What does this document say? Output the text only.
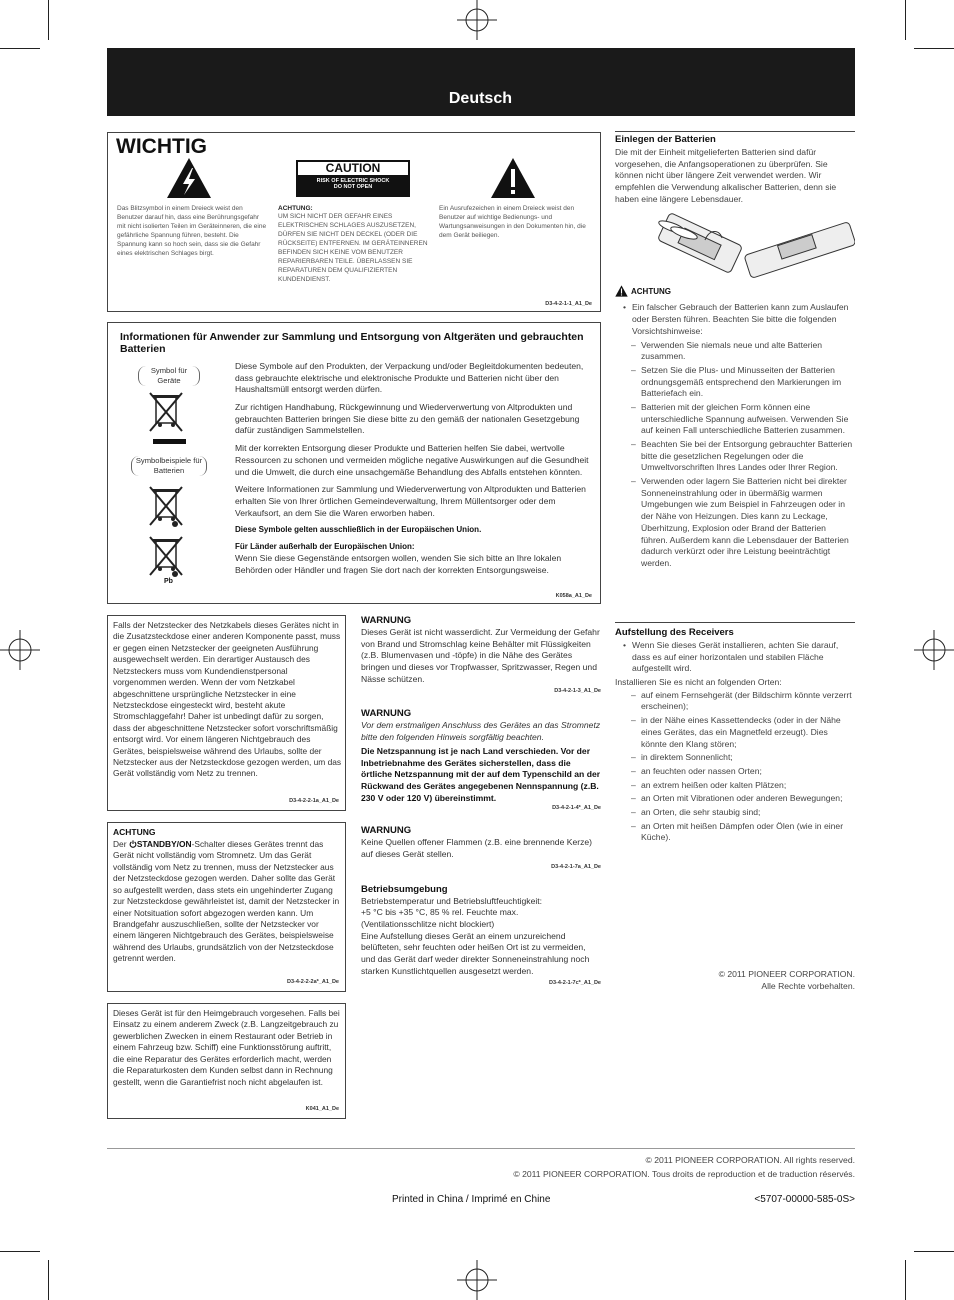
Deutsch
WICHTIG
CAUTION
RISK OF ELECTRIC SHOCK
DO NOT OPEN
Das Blitzsymbol in einem Dreieck weist den Benutzer darauf hin, dass eine Berührungsgefahr mit nicht isolierten Teilen im Geräteinneren, die eine gefährliche Spannung führen, besteht. Die Spannung kann so hoch sein, dass sie die Gefahr eines elektrischen Schlages birgt.
ACHTUNG:
UM SICH NICHT DER GEFAHR EINES ELEKTRISCHEN SCHLAGES AUSZUSETZEN, DÜRFEN SIE NICHT DEN DECKEL (ODER DIE RÜCKSEITE) ENTFERNEN. IM GERÄTEINNEREN BEFINDEN SICH KEINE VOM BENUTZER REPARIERBAREN TEILE. ÜBERLASSEN SIE REPARATUREN DEM QUALIFIZIERTEN KUNDENDIENST.
Ein Ausrufezeichen in einem Dreieck weist den Benutzer auf wichtige Bedienungs- und Wartungsanweisungen in den Dokumenten hin, die dem Gerät beiliegen.
D3-4-2-1-1_A1_De
Informationen für Anwender zur Sammlung und Entsorgung von Altgeräten und gebrauchten Batterien
Symbol für Geräte
Symbolbeispiele für Batterien
Pb

Diese Symbole auf den Produkten, der Verpackung und/oder Begleitdokumenten bedeuten, dass gebrauchte elektrische und elektronische Produkte und Batterien nicht über den Haushaltsmüll entsorgt werden dürfen.

Zur richtigen Handhabung, Rückgewinnung und Wiederverwertung von Altprodukten und gebrauchten Batterien bringen Sie diese bitte zu den gemäß der nationalen Gesetzgebung dafür zuständigen Sammelstellen.

Mit der korrekten Entsorgung dieser Produkte und Batterien helfen Sie dabei, wertvolle Ressourcen zu schonen und vermeiden mögliche negative Auswirkungen auf die Gesundheit und die Umwelt, die durch eine unsachgemäße Behandlung des Abfalls entstehen könnten.

Weitere Informationen zur Sammlung und Wiederverwertung von Altprodukten und Batterien erhalten Sie von Ihrer örtlichen Gemeindeverwaltung, Ihrem Müllentsorger oder dem Verkaufsort, an dem Sie die Waren erworben haben.

Diese Symbole gelten ausschließlich in der Europäischen Union.

Für Länder außerhalb der Europäischen Union:
Wenn Sie diese Gegenstände entsorgen wollen, wenden Sie sich bitte an Ihre lokalen Behörden oder Händler und fragen Sie dort nach der korrekten Entsorgungsweise.
K058a_A1_De
Falls der Netzstecker des Netzkabels dieses Gerätes nicht in die Zusatzsteckdose einer anderen Komponente passt, muss er gegen einen Netzstecker der geeigneten Ausführung ausgewechselt werden. Ein derartiger Austausch des Netzsteckers muss vom Kundendienstpersonal vorgenommen werden. Wenn der vom Netzkabel abgeschnittene ursprüngliche Netzstecker in eine Netzsteckdose eingesteckt wird, besteht akute Stromschlaggefahr! Daher ist unbedingt dafür zu sorgen, dass der abgeschnittene Netzstecker sofort vorschriftsmäßig entsorgt wird. Vor einem längeren Nichtgebrauch des Gerätes, beispielsweise während des Urlaubs, sollte der Netzstecker aus der Netzsteckdose gezogen werden, um das Gerät vollständig vom Netz zu trennen.
D3-4-2-2-1a_A1_De
ACHTUNG
Der STANDBY/ON-Schalter dieses Gerätes trennt das Gerät nicht vollständig vom Stromnetz. Um das Gerät vollständig vom Netz zu trennen, muss der Netzstecker aus der Netzsteckdose gezogen werden. Daher sollte das Gerät so aufgestellt werden, dass stets ein ungehinderter Zugang zur Netzsteckdose gewährleistet ist, damit der Netzstecker in einer Notsituation sofort abgezogen werden kann. Um Brandgefahr auszuschließen, sollte der Netzstecker vor einem längeren Nichtgebrauch des Gerätes, beispielsweise während des Urlaubs, grundsätzlich von der Netzsteckdose getrennt werden.
D3-4-2-2-2a*_A1_De
Dieses Gerät ist für den Heimgebrauch vorgesehen. Falls bei Einsatz zu einem anderem Zweck (z.B. Langzeitgebrauch zu gewerblichen Zwecken in einem Restaurant oder Betrieb in einem Fahrzeug bzw. Schiff) eine Funktionsstörung auftritt, die eine Reparatur des Gerätes erforderlich macht, werden die Reparaturkosten dem Kunden selbst dann in Rechnung gestellt, wenn die Garantiefrist noch nicht abgelaufen ist.
K041_A1_De
WARNUNG
Dieses Gerät ist nicht wasserdicht. Zur Vermeidung der Gefahr von Brand und Stromschlag keine Behälter mit Flüssigkeiten (z.B. Blumenvasen und -töpfe) in die Nähe des Gerätes bringen und dieses vor Tropfwasser, Spritzwasser, Regen und Nässe schützen.
D3-4-2-1-3_A1_De
WARNUNG
Vor dem erstmaligen Anschluss des Gerätes an das Stromnetz bitte den folgenden Hinweis sorgfältig beachten.
Die Netzspannung ist je nach Land verschieden. Vor der Inbetriebnahme des Gerätes sicherstellen, dass die örtliche Netzspannung mit der auf dem Typenschild an der Rückwand des Gerätes angegebenen Nennspannung (z.B. 230 V oder 120 V) übereinstimmt.
D3-4-2-1-4*_A1_De
WARNUNG
Keine Quellen offener Flammen (z.B. eine brennende Kerze) auf dieses Gerät stellen.
D3-4-2-1-7a_A1_De
Betriebsumgebung
Betriebstemperatur und Betriebsluftfeuchtigkeit:
+5 °C bis +35 °C, 85 % rel. Feuchte max.
(Ventilationsschlitze nicht blockiert)
Eine Aufstellung dieses Gerät an einem unzureichend belüfteten, sehr feuchten oder heißen Ort ist zu vermeiden, und das Gerät darf weder direkter Sonneneinstrahlung noch starken Kunstlichtquellen ausgesetzt werden.
D3-4-2-1-7c*_A1_De
Einlegen der Batterien
Die mit der Einheit mitgelieferten Batterien sind dafür vorgesehen, die Anfangsoperationen zu überprüfen. Sie können nicht über längere Zeit verwendet werden. Wir empfehlen die Verwendung alkalischer Batterien, denn sie haben eine längere Lebensdauer.
ACHTUNG
• Ein falscher Gebrauch der Batterien kann zum Auslaufen oder Bersten führen. Beachten Sie bitte die folgenden Vorsichtshinweise:
– Verwenden Sie niemals neue und alte Batterien zusammen.
– Setzen Sie die Plus- und Minusseiten der Batterien ordnungsgemäß entsprechend den Markierungen im Batteriefach ein.
– Batterien mit der gleichen Form können eine unterschiedliche Spannung aufweisen. Verwenden Sie auf keinen Fall unterschiedliche Batterien zusammen.
– Beachten Sie bei der Entsorgung gebrauchter Batterien bitte die gesetzlichen Regelungen oder die Umweltvorschriften Ihres Landes oder Ihrer Region.
– Verwenden oder lagern Sie Batterien nicht bei direkter Sonneneinstrahlung oder in übermäßig warmen Umgebungen wie zum Beispiel in Fahrzeugen oder in der Nähe von Heizungen. Dies kann zu Leckage, Überhitzung, Explosion oder Brand der Batterien führen. Außerdem kann die Lebensdauer der Batterien dadurch verkürzt oder ihre Leistung beeinträchtigt werden.
Aufstellung des Receivers
• Wenn Sie dieses Gerät installieren, achten Sie darauf, dass es auf einer horizontalen und stabilen Fläche aufgestellt wird.
Installieren Sie es nicht an folgenden Orten:
– auf einem Fernsehgerät (der Bildschirm könnte verzerrt erscheinen);
– in der Nähe eines Kassettendecks (oder in der Nähe eines Gerätes, das ein Magnetfeld erzeugt). Dies könnte den Klang stören;
– in direktem Sonnenlicht;
– an feuchten oder nassen Orten;
– an extrem heißen oder kalten Plätzen;
– an Orten mit Vibrationen oder anderen Bewegungen;
– an Orten, die sehr staubig sind;
– an Orten mit heißen Dämpfen oder Ölen (wie in einer Küche).
© 2011 PIONEER CORPORATION.
Alle Rechte vorbehalten.
© 2011 PIONEER CORPORATION. All rights reserved.
© 2011 PIONEER CORPORATION. Tous droits de reproduction et de traduction réservés.
Printed in China / Imprimé en Chine	<5707-00000-585-0S>
